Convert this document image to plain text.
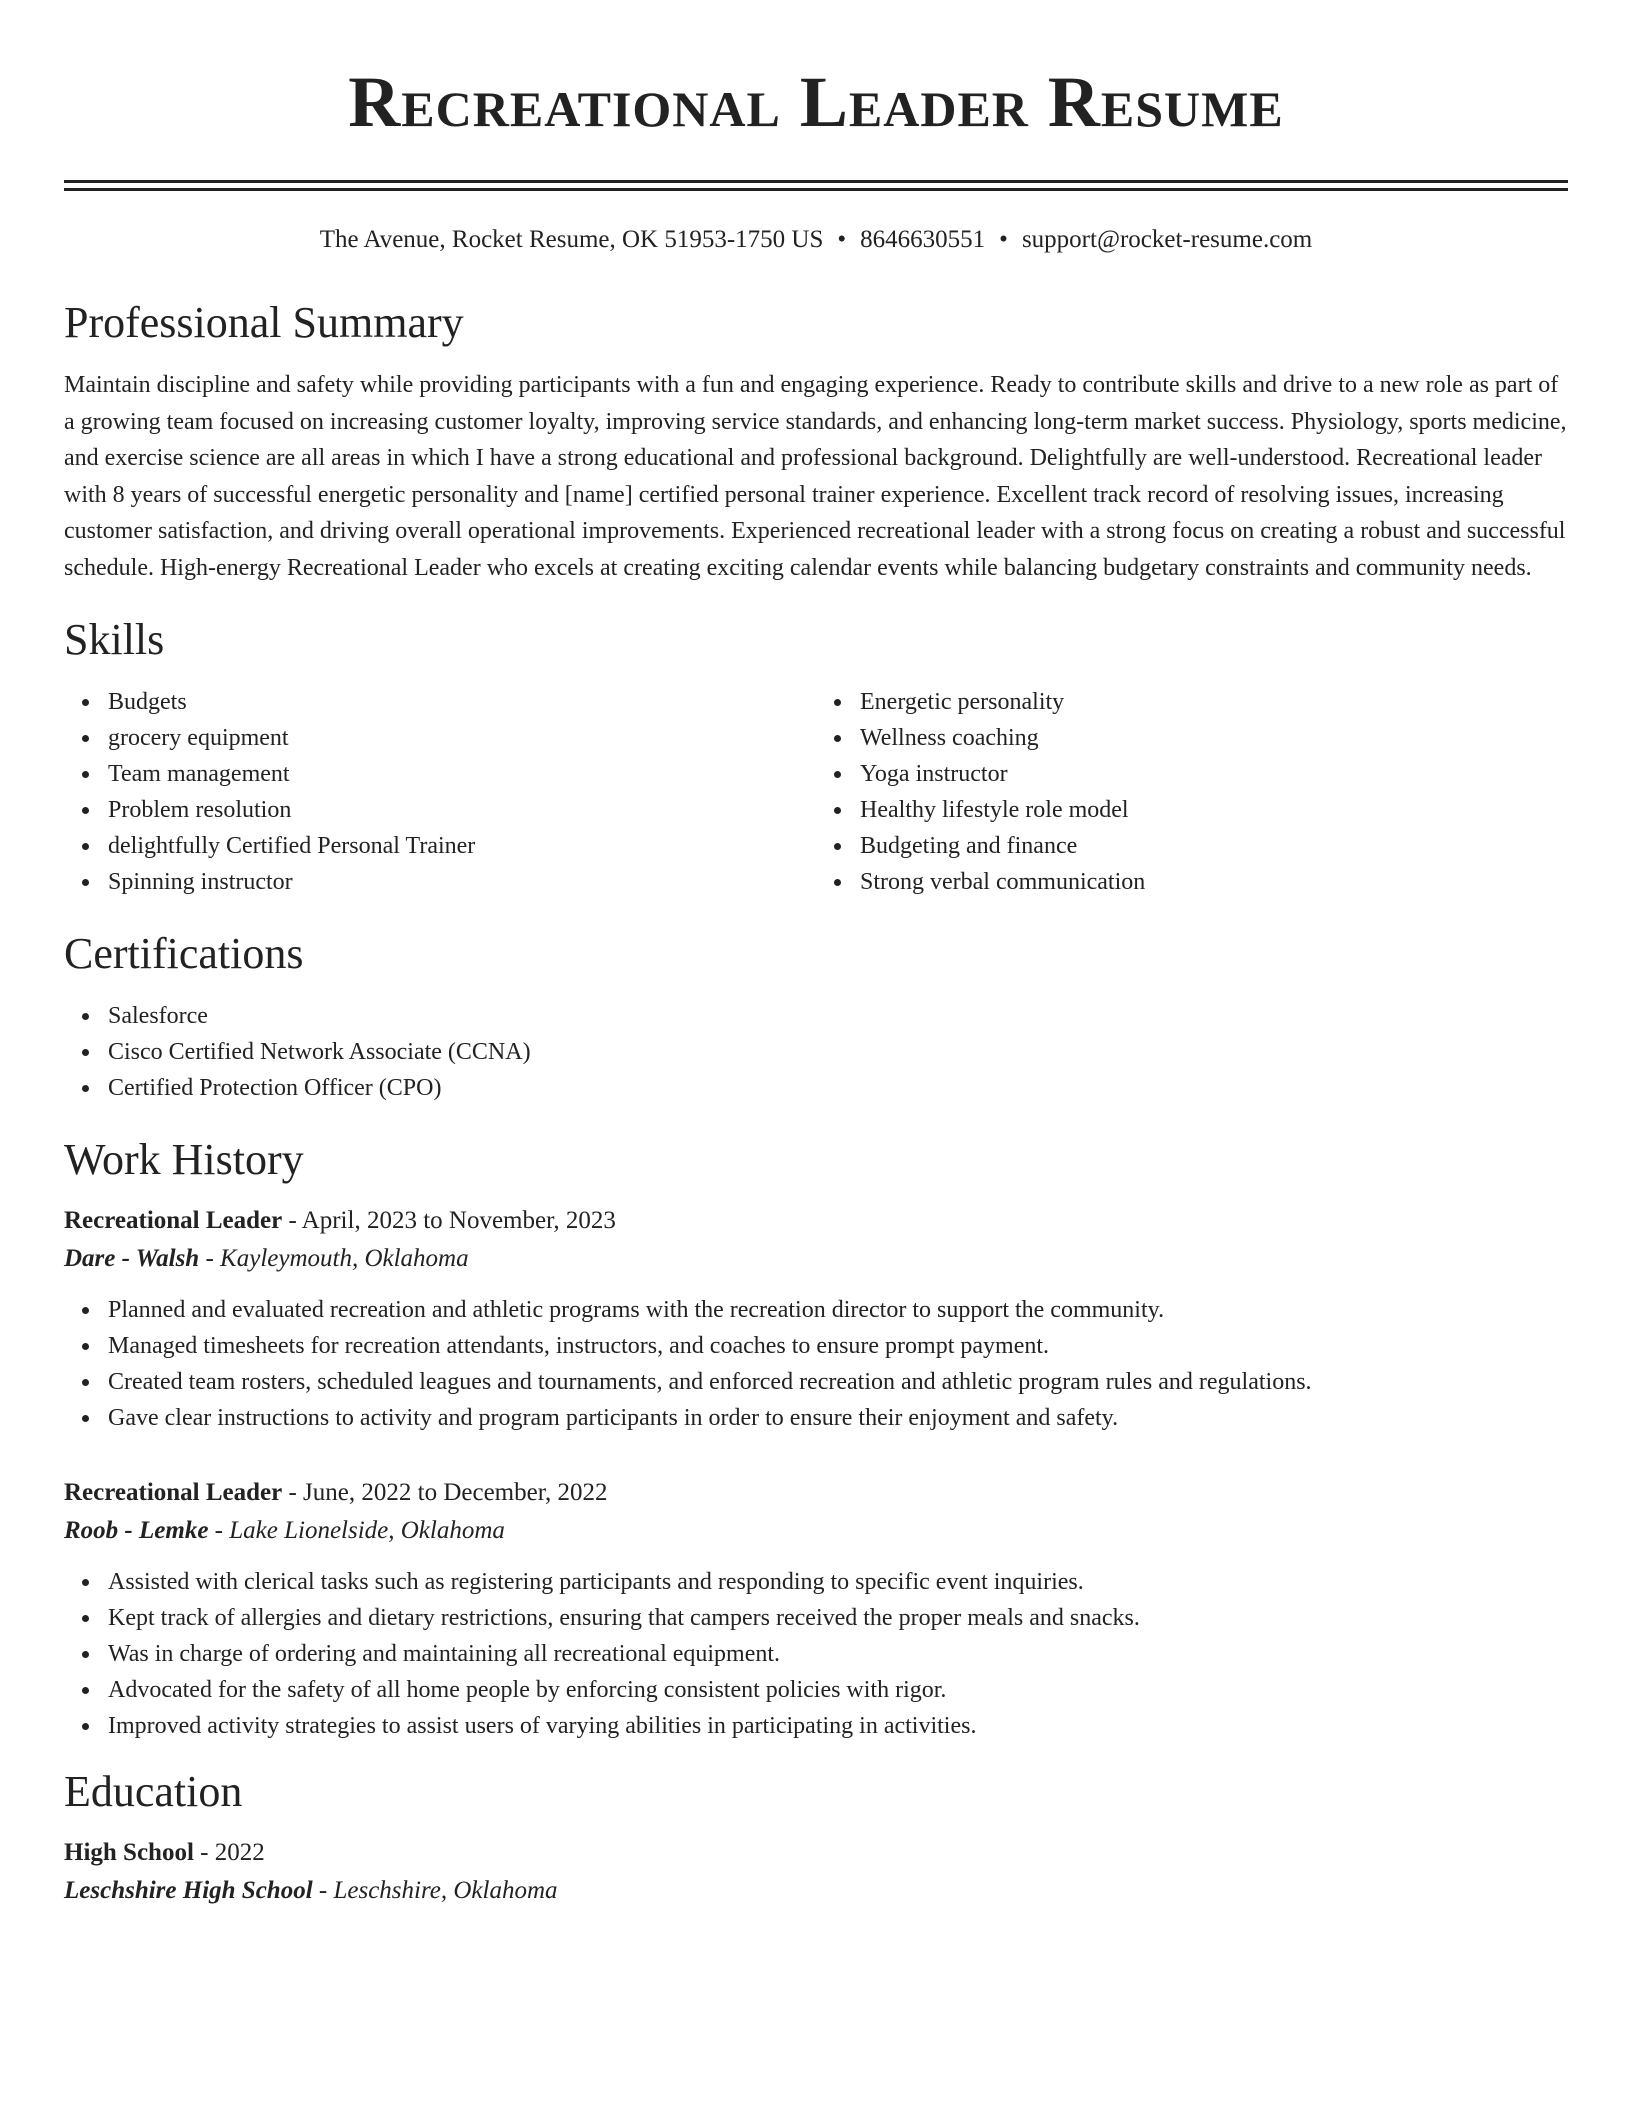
Recreational Leader Resume
The Avenue, Rocket Resume, OK 51953-1750 US • 8646630551 • support@rocket-resume.com
Professional Summary

Maintain discipline and safety while providing participants with a fun and engaging experience. Ready to contribute skills and drive to a new role as part of a growing team focused on increasing customer loyalty, improving service standards, and enhancing long-term market success. Physiology, sports medicine, and exercise science are all areas in which I have a strong educational and professional background. Delightfully are well-understood. Recreational leader with 8 years of successful energetic personality and [name] certified personal trainer experience. Excellent track record of resolving issues, increasing customer satisfaction, and driving overall operational improvements. Experienced recreational leader with a strong focus on creating a robust and successful schedule. High-energy Recreational Leader who excels at creating exciting calendar events while balancing budgetary constraints and community needs.

Skills
Budgets
grocery equipment
Team management
Problem resolution
delightfully Certified Personal Trainer
Spinning instructor
Energetic personality
Wellness coaching
Yoga instructor
Healthy lifestyle role model
Budgeting and finance
Strong verbal communication
Certifications
Salesforce
Cisco Certified Network Associate (CCNA)
Certified Protection Officer (CPO)
Work History
Recreational Leader - April, 2023 to November, 2023
Dare - Walsh - Kayleymouth, Oklahoma
Planned and evaluated recreation and athletic programs with the recreation director to support the community.
Managed timesheets for recreation attendants, instructors, and coaches to ensure prompt payment.
Created team rosters, scheduled leagues and tournaments, and enforced recreation and athletic program rules and regulations.
Gave clear instructions to activity and program participants in order to ensure their enjoyment and safety.
Recreational Leader - June, 2022 to December, 2022
Roob - Lemke - Lake Lionelside, Oklahoma
Assisted with clerical tasks such as registering participants and responding to specific event inquiries.
Kept track of allergies and dietary restrictions, ensuring that campers received the proper meals and snacks.
Was in charge of ordering and maintaining all recreational equipment.
Advocated for the safety of all home people by enforcing consistent policies with rigor.
Improved activity strategies to assist users of varying abilities in participating in activities.
Education
High School - 2022
Leschshire High School - Leschshire, Oklahoma
